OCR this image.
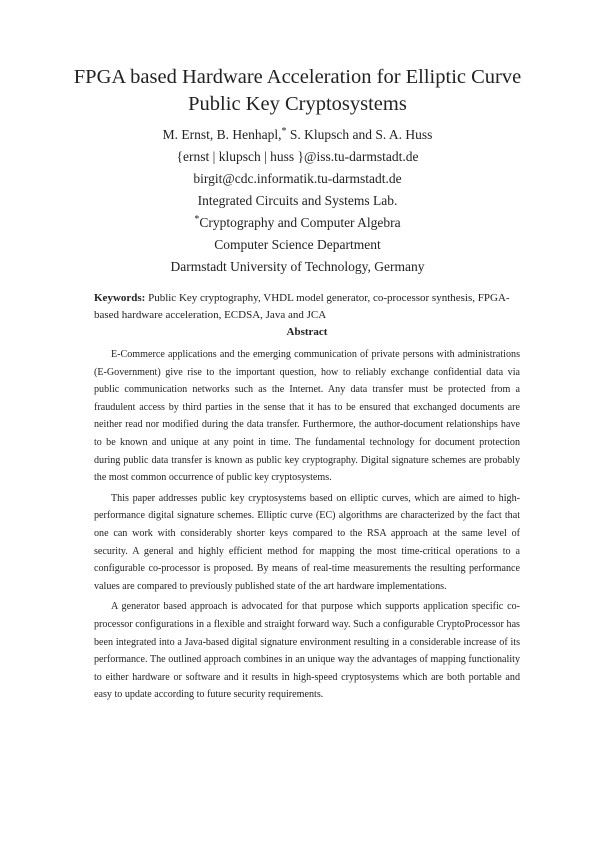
FPGA based Hardware Acceleration for Elliptic Curve
Public Key Cryptosystems
M. Ernst, B. Henhapl,* S. Klupsch and S. A. Huss
{ernst | klupsch | huss }@iss.tu-darmstadt.de
birgit@cdc.informatik.tu-darmstadt.de
Integrated Circuits and Systems Lab.
*Cryptography and Computer Algebra
Computer Science Department
Darmstadt University of Technology, Germany
Keywords: Public Key cryptography, VHDL model generator, co-processor synthesis, FPGA-based hardware acceleration, ECDSA, Java and JCA
Abstract

E-Commerce applications and the emerging communication of private persons with administrations (E-Government) give rise to the important question, how to reliably exchange confidential data via public communication networks such as the Internet. Any data transfer must be protected from a fraudulent access by third parties in the sense that it has to be ensured that exchanged documents are neither read nor modified during the data transfer. Furthermore, the author-document relationships have to be known and unique at any point in time. The fundamental technology for document protection during public data transfer is known as public key cryptography. Digital signature schemes are probably the most common occurrence of public key cryptosystems.

This paper addresses public key cryptosystems based on elliptic curves, which are aimed to high-performance digital signature schemes. Elliptic curve (EC) algorithms are characterized by the fact that one can work with considerably shorter keys compared to the RSA approach at the same level of security. A general and highly efficient method for mapping the most time-critical operations to a configurable co-processor is proposed. By means of real-time measurements the resulting performance values are compared to previously published state of the art hardware implementations.

A generator based approach is advocated for that purpose which supports application specific co-processor configurations in a flexible and straight forward way. Such a configurable CryptoProcessor has been integrated into a Java-based digital signature environment resulting in a considerable increase of its performance. The outlined approach combines in an unique way the advantages of mapping functionality to either hardware or software and it results in high-speed cryptosystems which are both portable and easy to update according to future security requirements.
